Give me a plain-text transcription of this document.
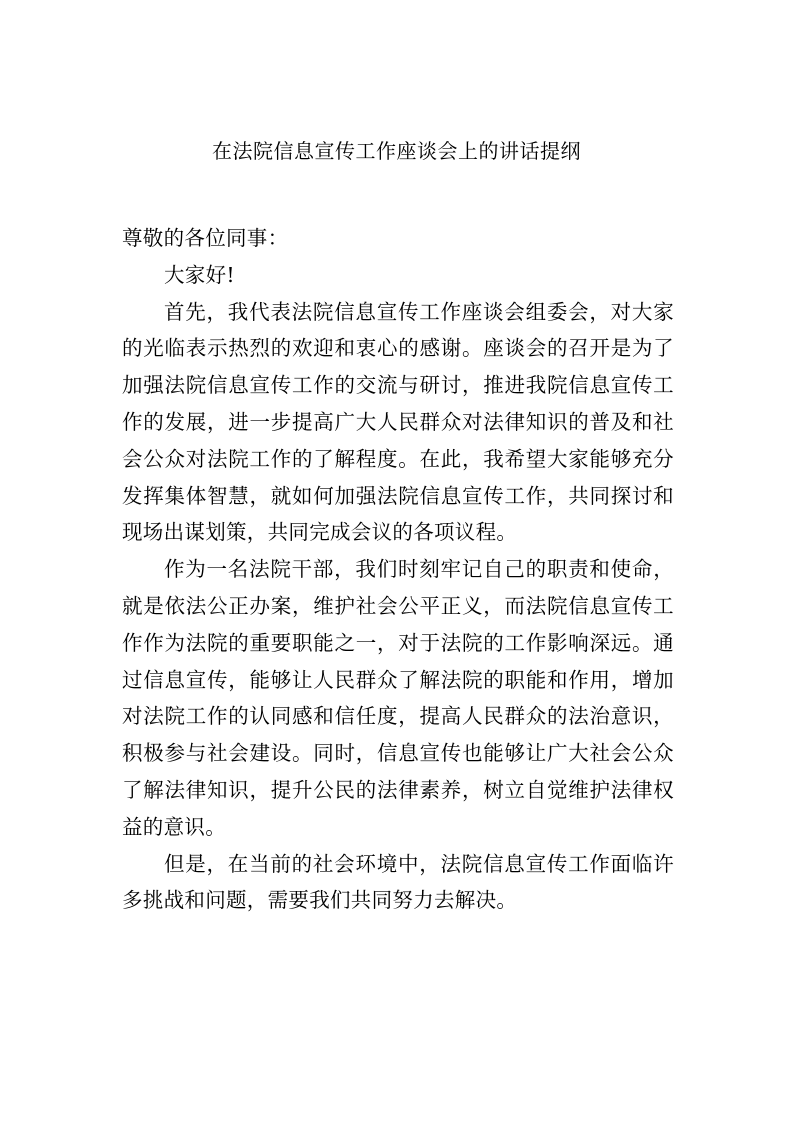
在法院信息宣传工作座谈会上的讲话提纲

尊敬的各位同事：

大家好!

首先，我代表法院信息宣传工作座谈会组委会，对大家的光临表示热烈的欢迎和衷心的感谢。座谈会的召开是为了加强法院信息宣传工作的交流与研讨，推进我院信息宣传工作的发展，进一步提高广大人民群众对法律知识的普及和社会公众对法院工作的了解程度。在此，我希望大家能够充分发挥集体智慧，就如何加强法院信息宣传工作，共同探讨和现场出谋划策，共同完成会议的各项议程。

作为一名法院干部，我们时刻牢记自己的职责和使命，就是依法公正办案，维护社会公平正义，而法院信息宣传工作作为法院的重要职能之一，对于法院的工作影响深远。通过信息宣传，能够让人民群众了解法院的职能和作用，增加对法院工作的认同感和信任度，提高人民群众的法治意识，积极参与社会建设。同时，信息宣传也能够让广大社会公众了解法律知识，提升公民的法律素养，树立自觉维护法律权益的意识。

但是，在当前的社会环境中，法院信息宣传工作面临许多挑战和问题，需要我们共同努力去解决。
